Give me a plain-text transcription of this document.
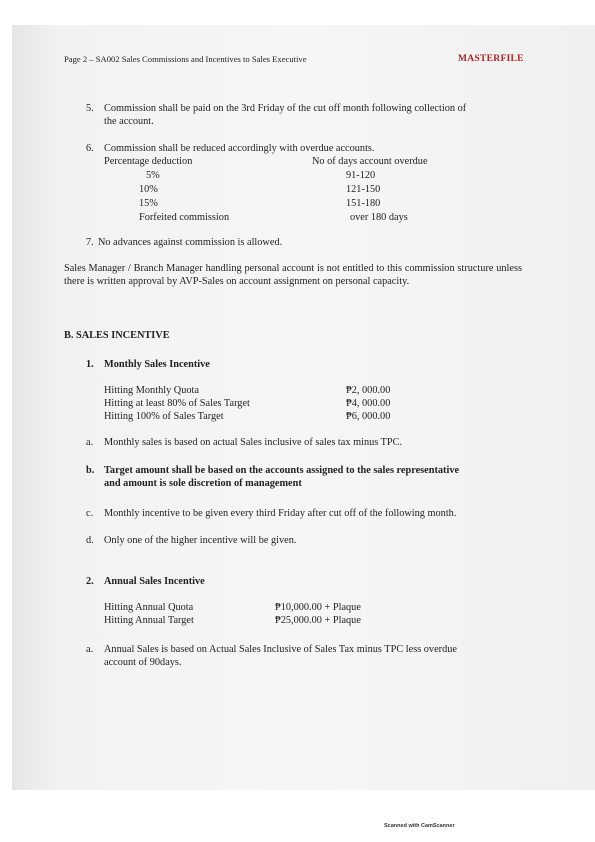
Page 2 – SA002 Sales Commissions and Incentives to Sales Executive	MASTERFILE
5. Commission shall be paid on the 3rd Friday of the cut off month following collection of
the account.
6. Commission shall be reduced accordingly with overdue accounts.
Percentage deduction	No of days account overdue
5%	91-120
10%	121-150
15%	151-180
Forfeited commission	over 180 days
7. No advances against commission is allowed.
Sales Manager / Branch Manager handling personal account is not entitled to this commission structure unless there is written approval by AVP-Sales on account assignment on personal capacity.
B. SALES INCENTIVE
1. Monthly Sales Incentive
Hitting Monthly Quota	₱2, 000.00
Hitting at least 80% of Sales Target	₱4, 000.00
Hitting 100% of Sales Target	₱6, 000.00
a. Monthly sales is based on actual Sales inclusive of sales tax minus TPC.
b. Target amount shall be based on the accounts assigned to the sales representative
and amount is sole discretion of management
c. Monthly incentive to be given every third Friday after cut off of the following month.
d. Only one of the higher incentive will be given.
2. Annual Sales Incentive
Hitting Annual Quota	₱10,000.00 + Plaque
Hitting Annual Target	₱25,000.00 + Plaque
a. Annual Sales is based on Actual Sales Inclusive of Sales Tax minus TPC less overdue
account of 90days.
Scanned with CamScanner
